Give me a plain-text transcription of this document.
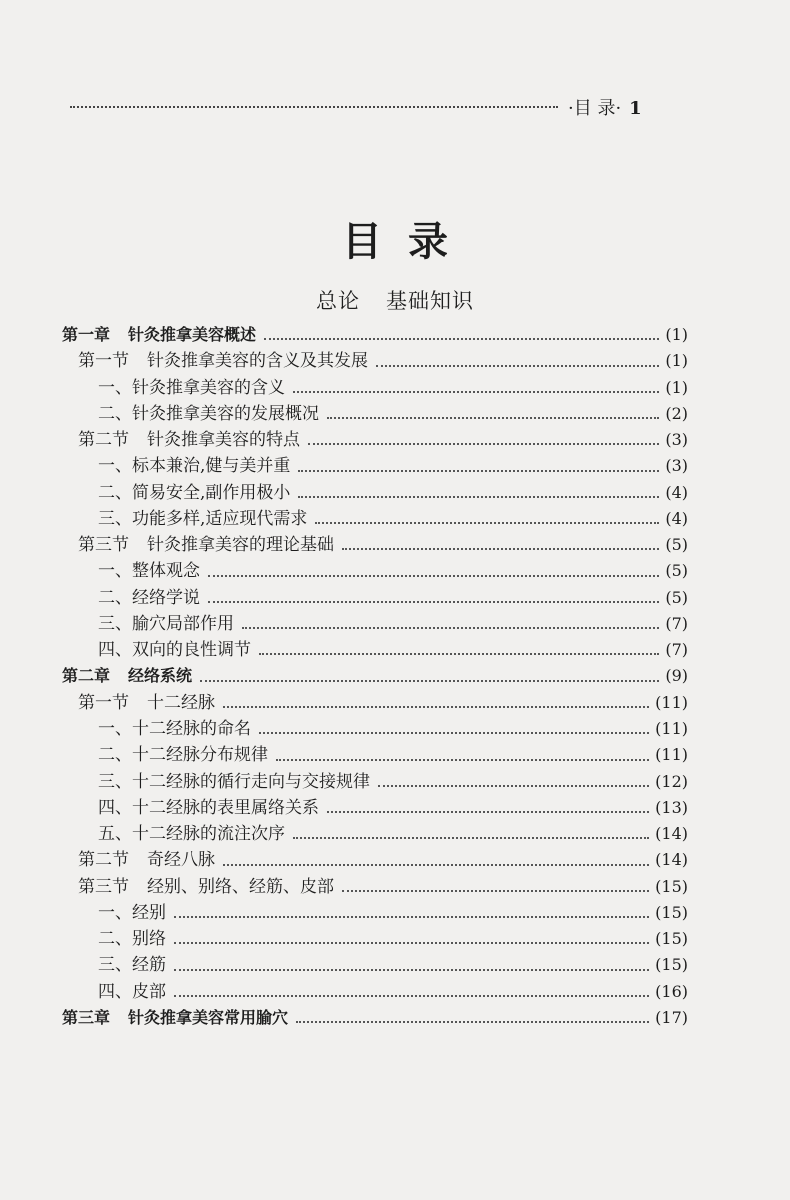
·目 录· 1
目录
总论 基础知识
第一章 针灸推拿美容概述	(1)
第一节 针灸推拿美容的含义及其发展	(1)
一、针灸推拿美容的含义	(1)
二、针灸推拿美容的发展概况	(2)
第二节 针灸推拿美容的特点	(3)
一、标本兼治,健与美并重	(3)
二、简易安全,副作用极小	(4)
三、功能多样,适应现代需求	(4)
第三节 针灸推拿美容的理论基础	(5)
一、整体观念	(5)
二、经络学说	(5)
三、腧穴局部作用	(7)
四、双向的良性调节	(7)
第二章 经络系统	(9)
第一节 十二经脉	(11)
一、十二经脉的命名	(11)
二、十二经脉分布规律	(11)
三、十二经脉的循行走向与交接规律	(12)
四、十二经脉的表里属络关系	(13)
五、十二经脉的流注次序	(14)
第二节 奇经八脉	(14)
第三节 经别、别络、经筋、皮部	(15)
一、经别	(15)
二、别络	(15)
三、经筋	(15)
四、皮部	(16)
第三章 针灸推拿美容常用腧穴	(17)
